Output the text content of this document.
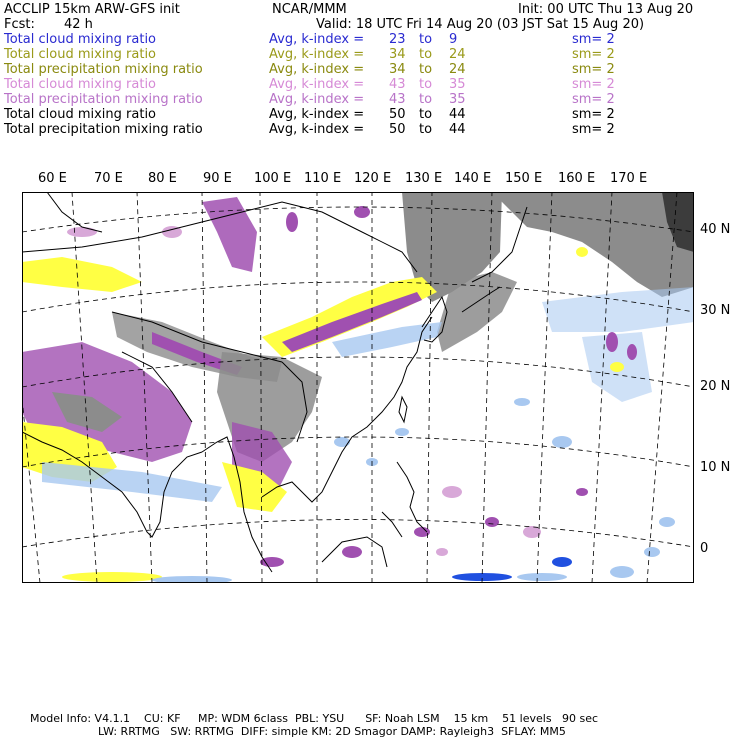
ACCLIP 15km ARW-GFS init	NCAR/MMM	Init: 00 UTC Thu 13 Aug 20
Fcst: 42 h	Valid: 18 UTC Fri 14 Aug 20 (03 JST Sat 15 Aug 20)
Total cloud mixing ratio	Avg, k-index = 23 to 9	sm= 2
Total cloud mixing ratio	Avg, k-index = 34 to 24	sm= 2
Total precipitation mixing ratio	Avg, k-index = 34 to 24	sm= 2
Total cloud mixing ratio	Avg, k-index = 43 to 35	sm= 2
Total precipitation mixing ratio	Avg, k-index = 43 to 35	sm= 2
Total cloud mixing ratio	Avg, k-index = 50 to 44	sm= 2
Total precipitation mixing ratio	Avg, k-index = 50 to 44	sm= 2
60 E 70 E 80 E 90 E 100 E 110 E 120 E 130 E 140 E 150 E 160 E 170 E
40 N
30 N
20 N
10 N
0
Model Info: V4.1.1    CU: KF     MP: WDM 6class  PBL: YSU      SF: Noah LSM    15 km    51 levels   90 sec
LW: RRTMG   SW: RRTMG  DIFF: simple KM: 2D Smagor DAMP: Rayleigh3  SFLAY: MM5
